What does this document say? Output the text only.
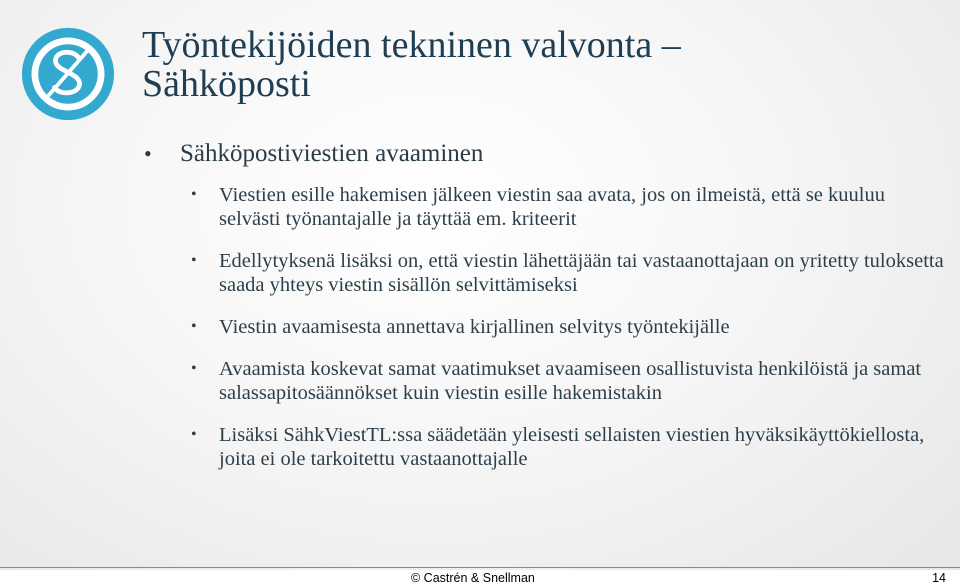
Työntekijöiden tekninen valvonta –
Sähköposti
• Sähköpostiviestien avaaminen
• Viestien esille hakemisen jälkeen viestin saa avata, jos on ilmeistä, että se kuuluu selvästi työnantajalle ja täyttää em. kriteerit
• Edellytyksenä lisäksi on, että viestin lähettäjään tai vastaanottajaan on yritetty tuloksetta saada yhteys viestin sisällön selvittämiseksi
• Viestin avaamisesta annettava kirjallinen selvitys työntekijälle
• Avaamista koskevat samat vaatimukset avaamiseen osallistuvista henkilöistä ja samat salassapitosäännökset kuin viestin esille hakemistakin
• Lisäksi SähkViestTL:ssa säädetään yleisesti sellaisten viestien hyväksikäyttökiellosta, joita ei ole tarkoitettu vastaanottajalle
© Castrén & Snellman	14
